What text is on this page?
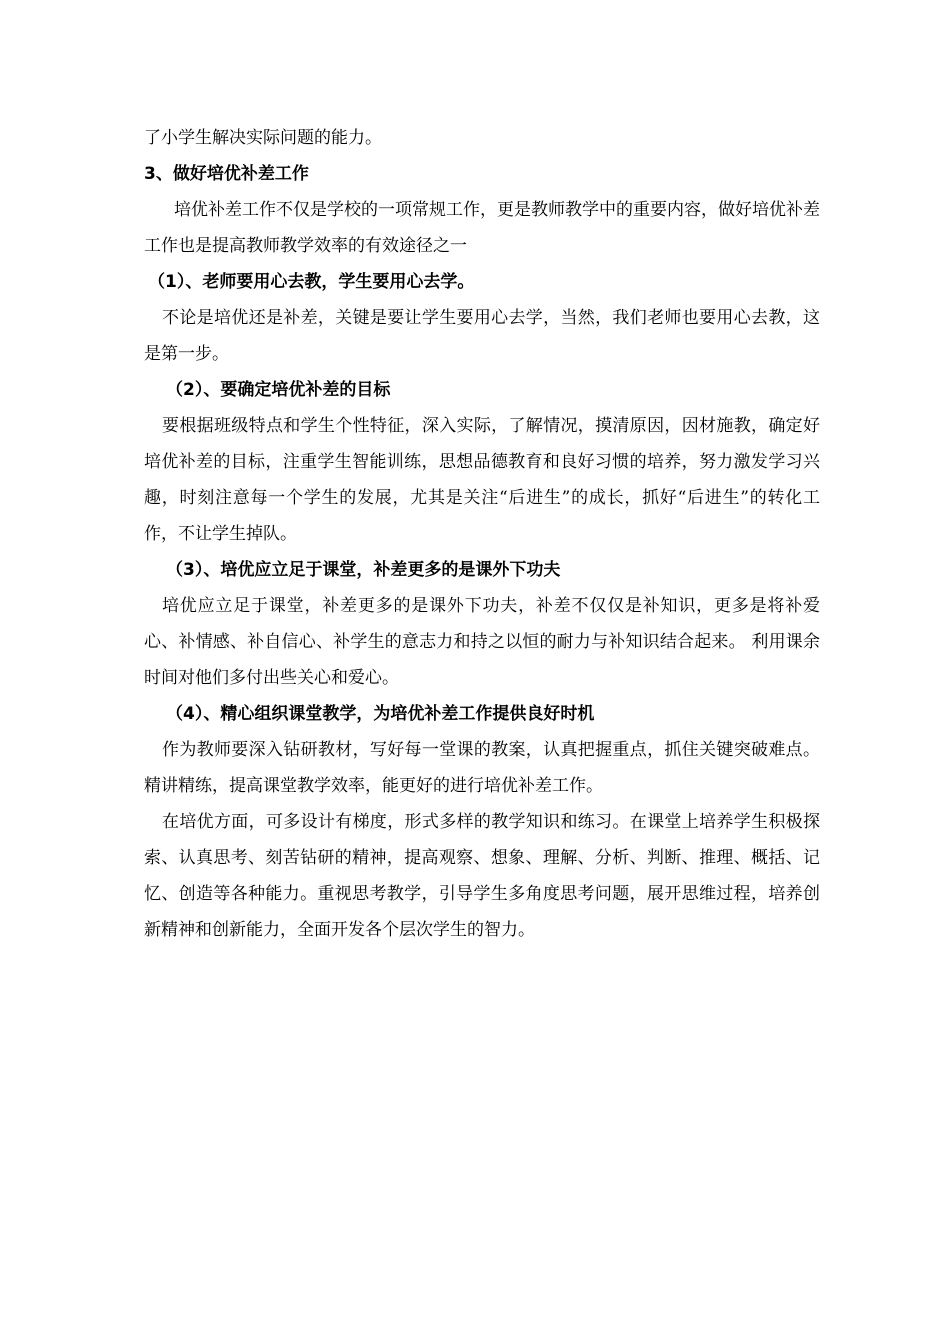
了小学生解决实际问题的能力。

3、做好培优补差工作

培优补差工作不仅是学校的一项常规工作，更是教师教学中的重要内容，做好培优补差工作也是提高教师教学效率的有效途径之一

（1）、老师要用心去教，学生要用心去学。

不论是培优还是补差，关键是要让学生要用心去学，当然，我们老师也要用心去教，这是第一步。

（2）、要确定培优补差的目标

要根据班级特点和学生个性特征，深入实际，了解情况，摸清原因，因材施教，确定好培优补差的目标，注重学生智能训练，思想品德教育和良好习惯的培养，努力激发学习兴趣，时刻注意每一个学生的发展，尤其是关注“后进生”的成长，抓好“后进生”的转化工作，不让学生掉队。

（3）、培优应立足于课堂，补差更多的是课外下功夫

培优应立足于课堂，补差更多的是课外下功夫，补差不仅仅是补知识，更多是将补爱心、补情感、补自信心、补学生的意志力和持之以恒的耐力与补知识结合起来。 利用课余时间对他们多付出些关心和爱心。

（4）、精心组织课堂教学，为培优补差工作提供良好时机

作为教师要深入钻研教材，写好每一堂课的教案，认真把握重点，抓住关键突破难点。精讲精练，提高课堂教学效率，能更好的进行培优补差工作。

在培优方面，可多设计有梯度，形式多样的教学知识和练习。在课堂上培养学生积极探索、认真思考、刻苦钻研的精神，提高观察、想象、理解、分析、判断、推理、概括、记忆、创造等各种能力。重视思考教学，引导学生多角度思考问题，展开思维过程，培养创新精神和创新能力，全面开发各个层次学生的智力。
